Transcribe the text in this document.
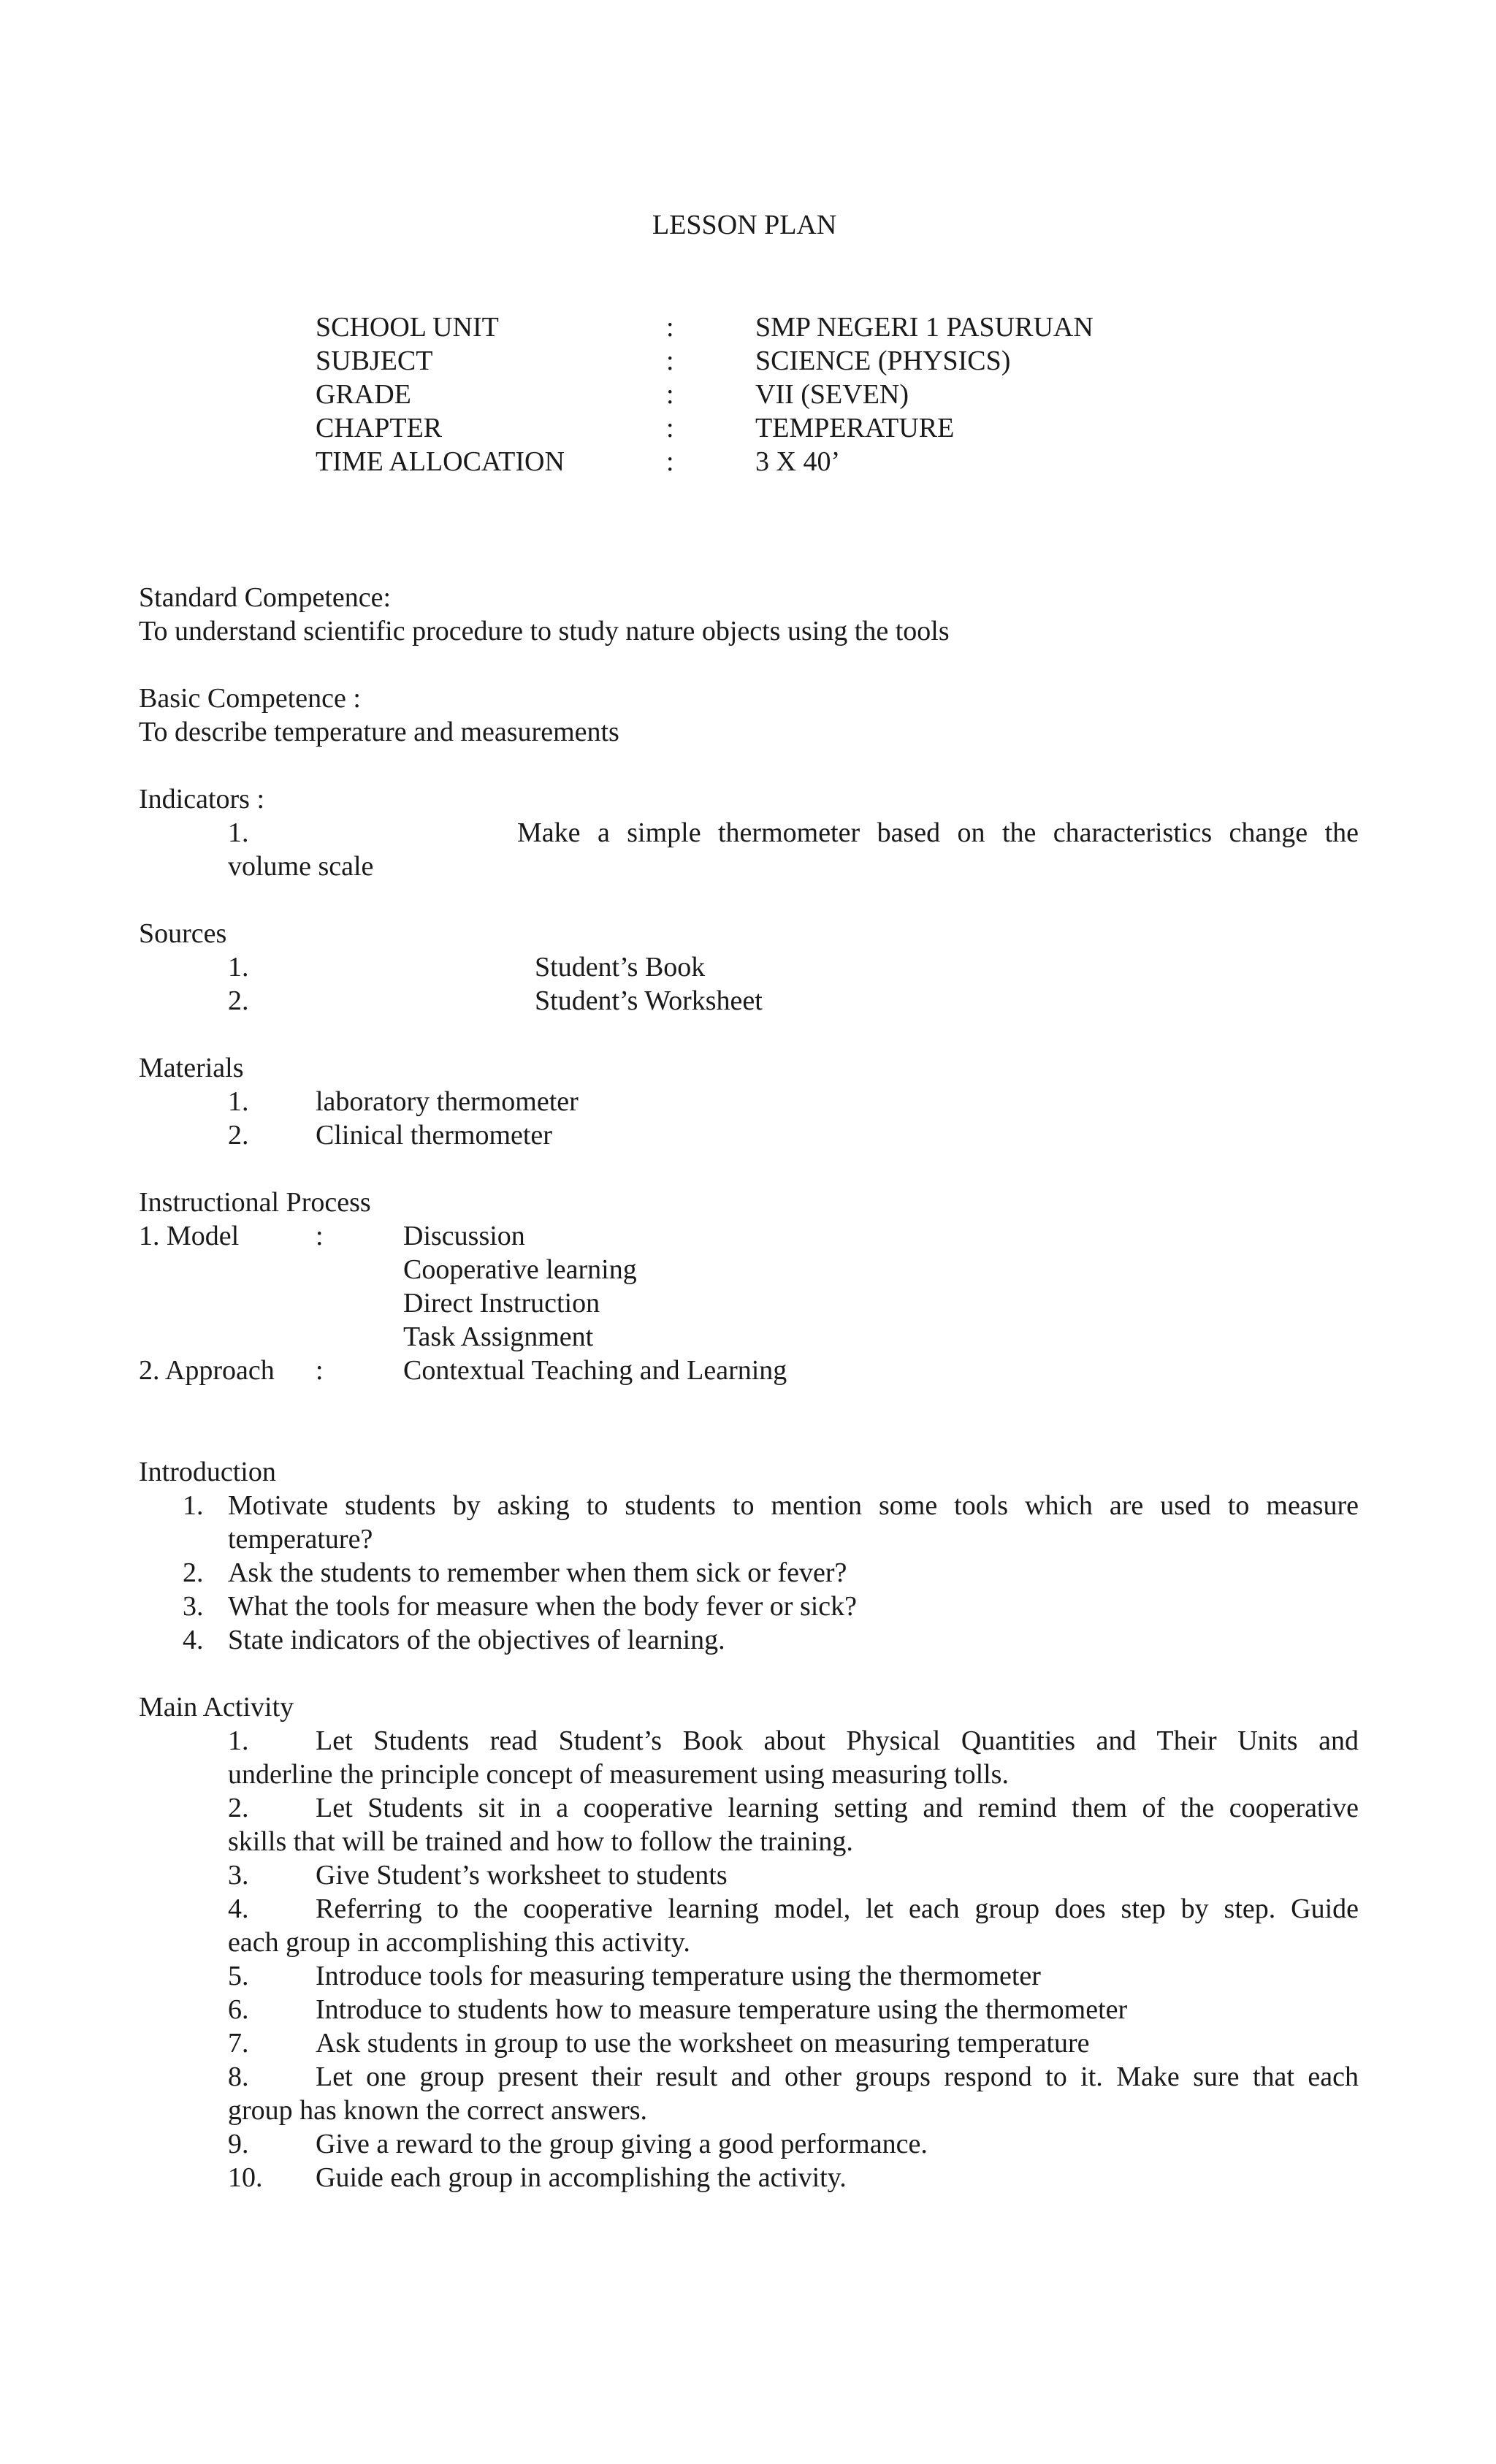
LESSON PLAN
SCHOOL UNIT	:	SMP NEGERI 1 PASURUAN
SUBJECT	:	SCIENCE (PHYSICS)
GRADE	:	VII (SEVEN)
CHAPTER	:	TEMPERATURE
TIME ALLOCATION	:	3 X 40’
Standard Competence:
To understand scientific procedure to study nature objects using the tools
Basic Competence :
To describe temperature and measurements
Indicators :
1.	Make a simple thermometer based on the characteristics change the
volume scale
Sources
1.	Student’s Book
2.	Student’s Worksheet
Materials
1. laboratory thermometer
2. Clinical thermometer
Instructional Process
1. Model	:	Discussion
Cooperative learning
Direct Instruction
Task Assignment
2. Approach :	Contextual Teaching and Learning
Introduction
1. Motivate students by asking to students to mention some tools which are used to measure
temperature?
2. Ask the students to remember when them sick or fever?
3. What the tools for measure when the body fever or sick?
4. State indicators of the objectives of learning.
Main Activity
1. Let Students read Student’s Book about Physical Quantities and Their Units and
underline the principle concept of measurement using measuring tolls.
2. Let Students sit in a cooperative learning setting and remind them of the cooperative
skills that will be trained and how to follow the training.
3. Give Student’s worksheet to students
4. Referring to the cooperative learning model, let each group does step by step. Guide
each group in accomplishing this activity.
5. Introduce tools for measuring temperature using the thermometer
6. Introduce to students how to measure temperature using the thermometer
7. Ask students in group to use the worksheet on measuring temperature
8. Let one group present their result and other groups respond to it. Make sure that each
group has known the correct answers.
9. Give a reward to the group giving a good performance.
10. Guide each group in accomplishing the activity.
